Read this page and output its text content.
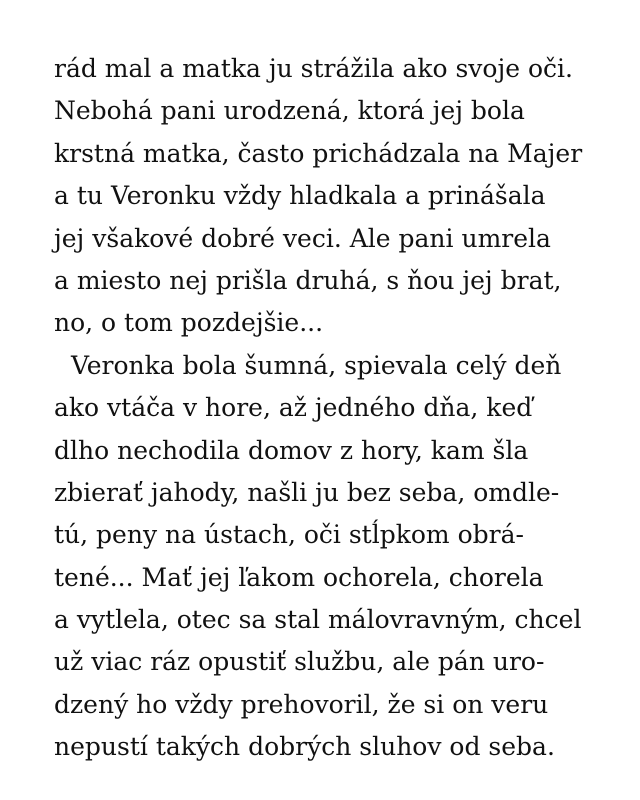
rád mal a matka ju strážila ako svoje oči.
Nebohá pani urodzená, ktorá jej bola
krstná matka, často prichádzala na Majer
a tu Veronku vždy hladkala a prinášala
jej všakové dobré veci. Ale pani umrela
a miesto nej prišla druhá, s ňou jej brat,
no, o tom pozdejšie...
Veronka bola šumná, spievala celý deň
ako vtáča v hore, až jedného dňa, keď
dlho nechodila domov z hory, kam šla
zbierať jahody, našli ju bez seba, omdle-
tú, peny na ústach, oči stĺpkom obrá-
tené... Mať jej ľakom ochorela, chorela
a vytlela, otec sa stal málovravným, chcel
už viac ráz opustiť službu, ale pán uro-
dzený ho vždy prehovoril, že si on veru
nepustí takých dobrých sluhov od seba.
